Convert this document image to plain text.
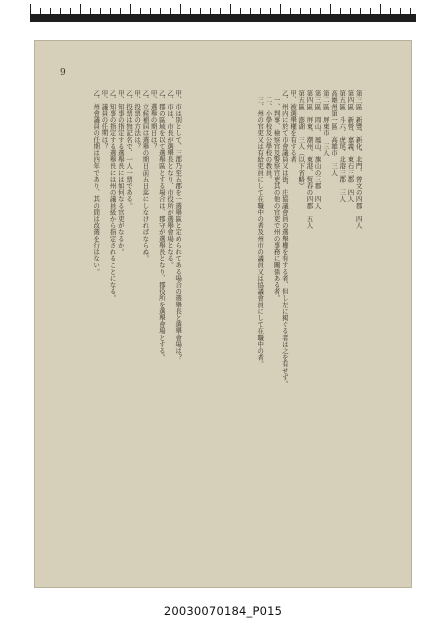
9
第三區　新豐、新化、北門、曾文の四郡　四人
第四區　新營、嘉義、東石三郡　四人
第五區　斗六、虎尾、北港三郡　三人
高雄州第一區　高雄市　三人
第二區　屏東市　三人
第三區　岡山、鳳山、旗山の三郡　四人
第四區　屏東、潮州、東港、恆春の四郡　五人
第五區　澎湖　三人（以下省略）
甲、被選舉權を有する者
乙、州内に於て市會議員又は街、庄協議會員の選舉權を有する者、但し左に掲ぐる者は之を有せず。
　一、判事、檢察官及警察官吏其の他の官吏で州の事務に關係ある者。
　二、小學校及公學校の教員。
　三、州の官吏又は有給吏員にして在職中の者及州市の議員又は協議會員にして在職中の者。
甲、市は別として、三郡乃至五郡を一選舉區と定められてある場合の選舉長と選舉會場は？
乙、市は、市長が選舉長となり、市役所が選舉會場となる。
乙、郡の區域を以て選舉區とする場合は、郡守が選舉長となり、郡役所を選舉會場とする。
甲、選舉の期日は？
乙、立候補屆は選舉の期日前五日迄にしなければならぬ。
甲、投票の方法は？
乙、投票は無記名で、一人一票である。
甲、知事の指定する選舉長には如何なる官吏がなるか。
乙、知事の指定する選舉長には州の議員級から指定されることになる。
甲、議員の任期は？
乙、州會議員の任期は四年であり、其の間は改選を行はない。
20030070184_P015
